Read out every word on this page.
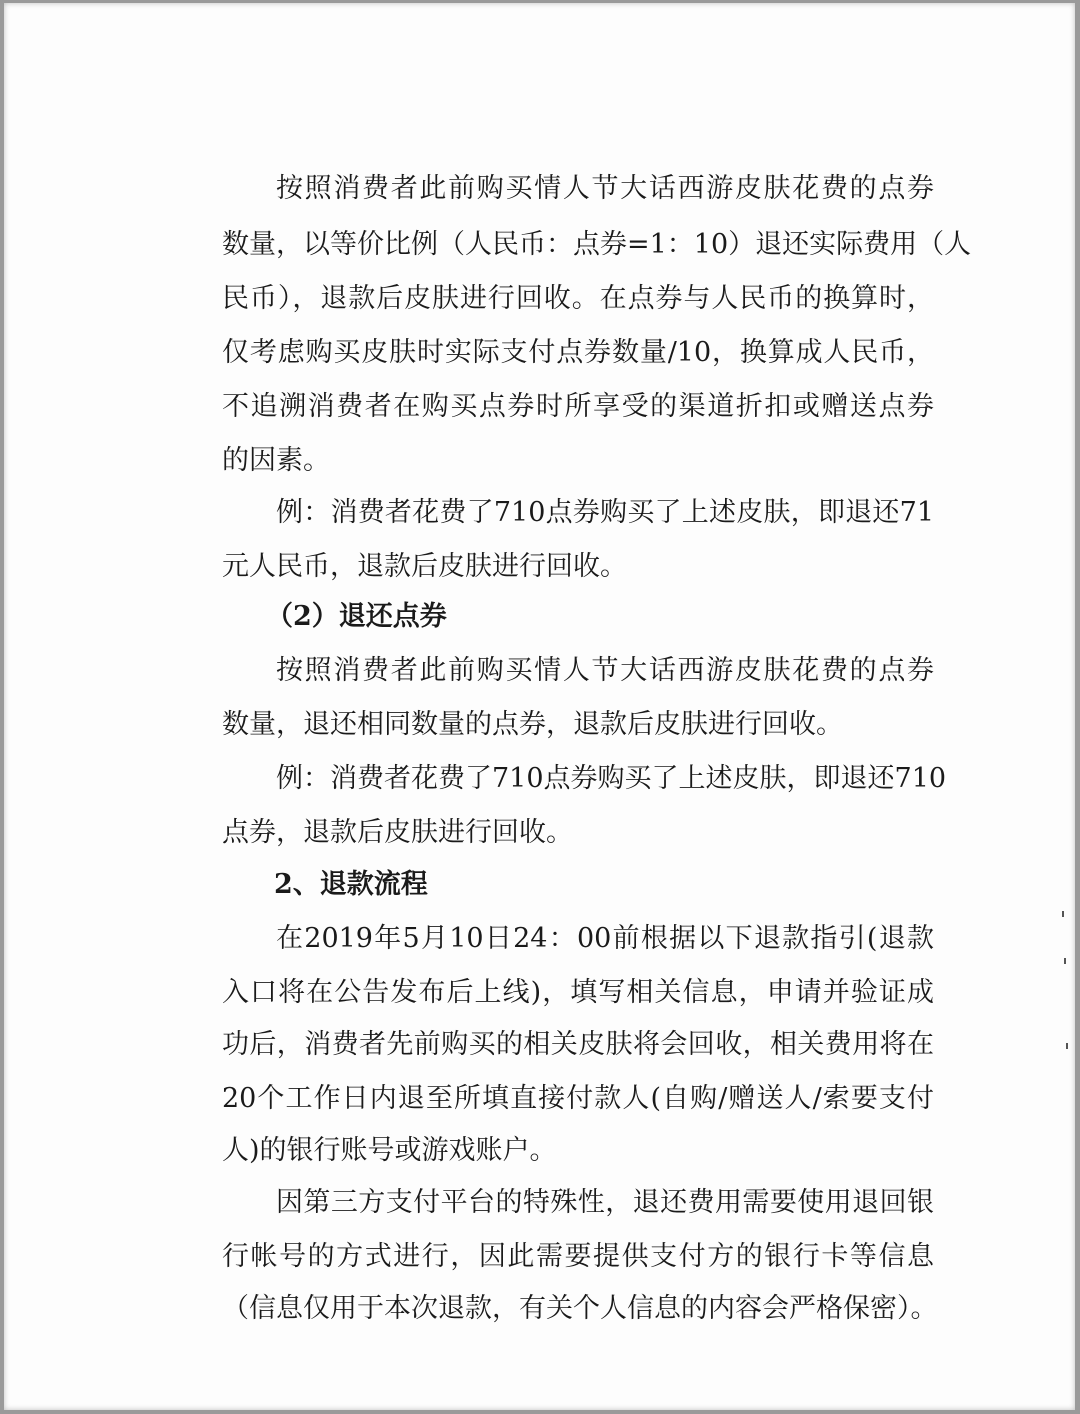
按照消费者此前购买情人节大话西游皮肤花费的点券
数量，以等价比例（人民币：点券=1：10）退还实际费用（人
民币），退款后皮肤进行回收。在点券与人民币的换算时，
仅考虑购买皮肤时实际支付点券数量/10，换算成人民币，
不追溯消费者在购买点券时所享受的渠道折扣或赠送点券
的因素。
例：消费者花费了710点券购买了上述皮肤，即退还71
元人民币，退款后皮肤进行回收。
（2）退还点券
按照消费者此前购买情人节大话西游皮肤花费的点券
数量，退还相同数量的点券，退款后皮肤进行回收。
例：消费者花费了710点券购买了上述皮肤，即退还710
点券，退款后皮肤进行回收。
2、退款流程
在2019年5月10日24：00前根据以下退款指引(退款
入口将在公告发布后上线)，填写相关信息，申请并验证成
功后，消费者先前购买的相关皮肤将会回收，相关费用将在
20个工作日内退至所填直接付款人(自购/赠送人/索要支付
人)的银行账号或游戏账户。
因第三方支付平台的特殊性，退还费用需要使用退回银
行帐号的方式进行，因此需要提供支付方的银行卡等信息
（信息仅用于本次退款，有关个人信息的内容会严格保密）。
